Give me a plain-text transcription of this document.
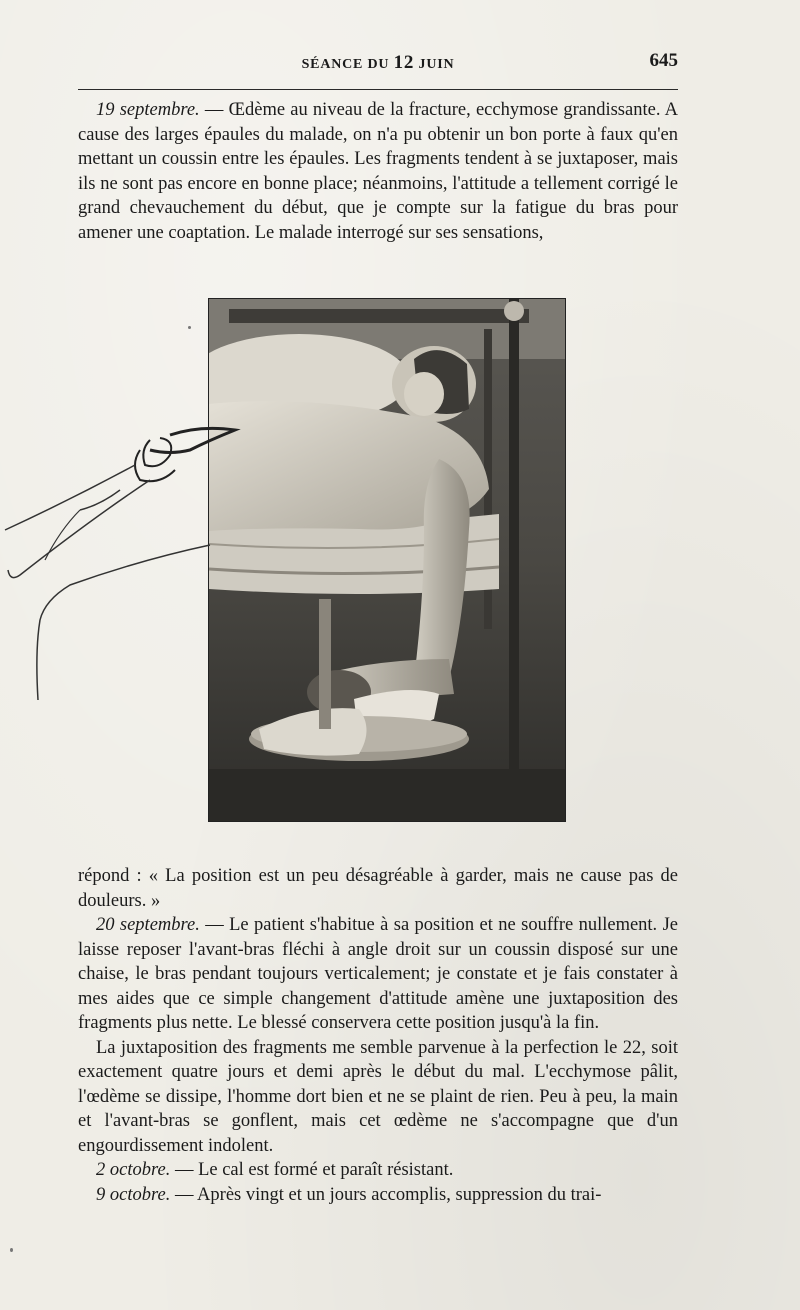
SÉANCE DU 12 JUIN	645

19 septembre. — Œdème au niveau de la fracture, ecchymose grandissante. A cause des larges épaules du malade, on n'a pu obtenir un bon porte à faux qu'en mettant un coussin entre les épaules. Les fragments tendent à se juxtaposer, mais ils ne sont pas encore en bonne place; néanmoins, l'attitude a tellement corrigé le grand chevauchement du début, que je compte sur la fatigue du bras pour amener une coaptation. Le malade interrogé sur ses sensations,

répond : « La position est un peu désagréable à garder, mais ne cause pas de douleurs. »

20 septembre. — Le patient s'habitue à sa position et ne souffre nullement. Je laisse reposer l'avant-bras fléchi à angle droit sur un coussin disposé sur une chaise, le bras pendant toujours verticalement; je constate et je fais constater à mes aides que ce simple changement d'attitude amène une juxtaposition des fragments plus nette. Le blessé conservera cette position jusqu'à la fin.

La juxtaposition des fragments me semble parvenue à la perfection le 22, soit exactement quatre jours et demi après le début du mal. L'ecchymose pâlit, l'œdème se dissipe, l'homme dort bien et ne se plaint de rien. Peu à peu, la main et l'avant-bras se gonflent, mais cet œdème ne s'accompagne que d'un engourdissement indolent.

2 octobre. — Le cal est formé et paraît résistant.

9 octobre. — Après vingt et un jours accomplis, suppression du trai-
